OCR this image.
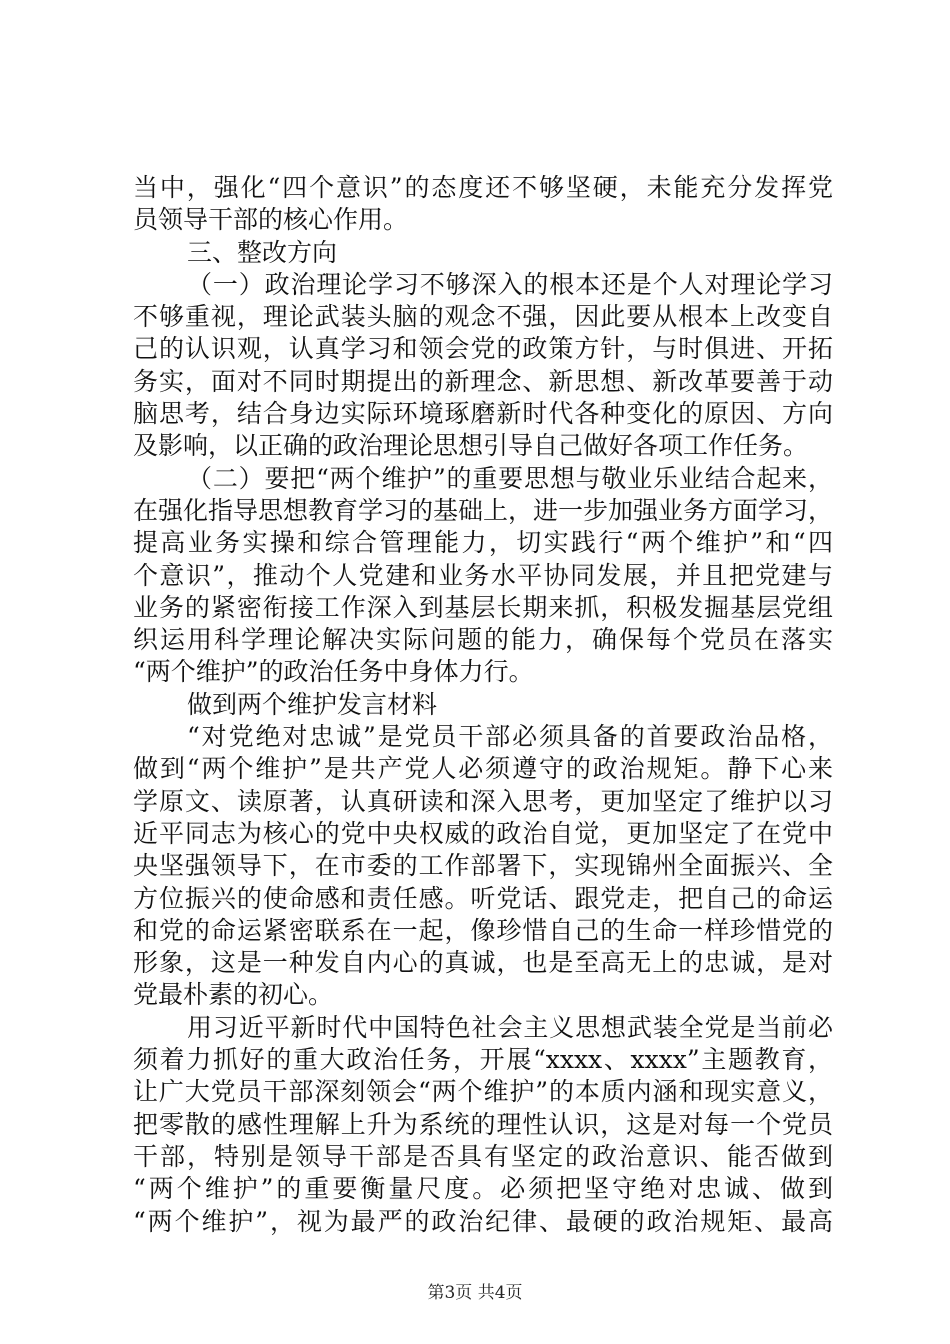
当中，强化“四个意识”的态度还不够坚硬，未能充分发挥党
员领导干部的核心作用。
三、整改方向
（一）政治理论学习不够深入的根本还是个人对理论学习
不够重视，理论武装头脑的观念不强，因此要从根本上改变自
己的认识观，认真学习和领会党的政策方针，与时俱进、开拓
务实，面对不同时期提出的新理念、新思想、新改革要善于动
脑思考，结合身边实际环境琢磨新时代各种变化的原因、方向
及影响，以正确的政治理论思想引导自己做好各项工作任务。
（二）要把“两个维护”的重要思想与敬业乐业结合起来，
在强化指导思想教育学习的基础上，进一步加强业务方面学习，
提高业务实操和综合管理能力，切实践行“两个维护”和“四
个意识”，推动个人党建和业务水平协同发展，并且把党建与
业务的紧密衔接工作深入到基层长期来抓，积极发掘基层党组
织运用科学理论解决实际问题的能力，确保每个党员在落实
“两个维护”的政治任务中身体力行。
做到两个维护发言材料
“对党绝对忠诚”是党员干部必须具备的首要政治品格，
做到“两个维护”是共产党人必须遵守的政治规矩。静下心来
学原文、读原著，认真研读和深入思考，更加坚定了维护以习
近平同志为核心的党中央权威的政治自觉，更加坚定了在党中
央坚强领导下，在市委的工作部署下，实现锦州全面振兴、全
方位振兴的使命感和责任感。听党话、跟党走，把自己的命运
和党的命运紧密联系在一起，像珍惜自己的生命一样珍惜党的
形象，这是一种发自内心的真诚，也是至高无上的忠诚，是对
党最朴素的初心。
用习近平新时代中国特色社会主义思想武装全党是当前必
须着力抓好的重大政治任务，开展“xxxx、xxxx”主题教育，
让广大党员干部深刻领会“两个维护”的本质内涵和现实意义，
把零散的感性理解上升为系统的理性认识，这是对每一个党员
干部，特别是领导干部是否具有坚定的政治意识、能否做到
“两个维护”的重要衡量尺度。必须把坚守绝对忠诚、做到
“两个维护”，视为最严的政治纪律、最硬的政治规矩、最高
第3页 共4页
